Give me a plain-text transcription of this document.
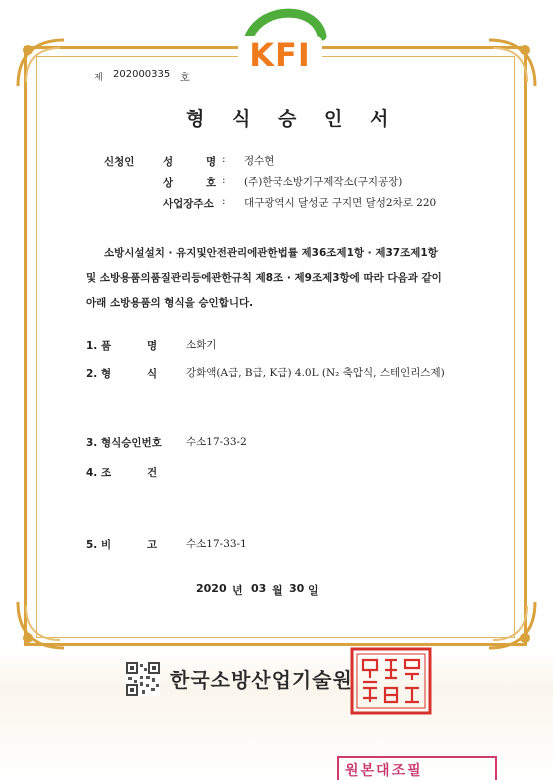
KFI
제 202000335 호
형 식 승 인 서
신청인	성	명 : 정수현
상	호 : (주)한국소방기구제작소(구지공장)
사업장주소 : 대구광역시 달성군 구지면 달성2차로 220
소방시설설치 · 유지및안전관리에관한법률 제36조제1항 · 제37조제1항
및 소방용품의품질관리등에관한규칙 제8조 · 제9조제3항에 따라 다음과 같이
아래 소방용품의 형식을 승인합니다.
1. 품	명	소화기
2. 형	식	강화액(A급, B급, K급) 4.0L (N₂ 축압식, 스테인리스제)
3. 형식승인번호 수소17-33-2
4. 조	건
5. 비	고	수소17-33-1
2020 년 03 월 30 일
한국소방산업기술원
원본대조필
